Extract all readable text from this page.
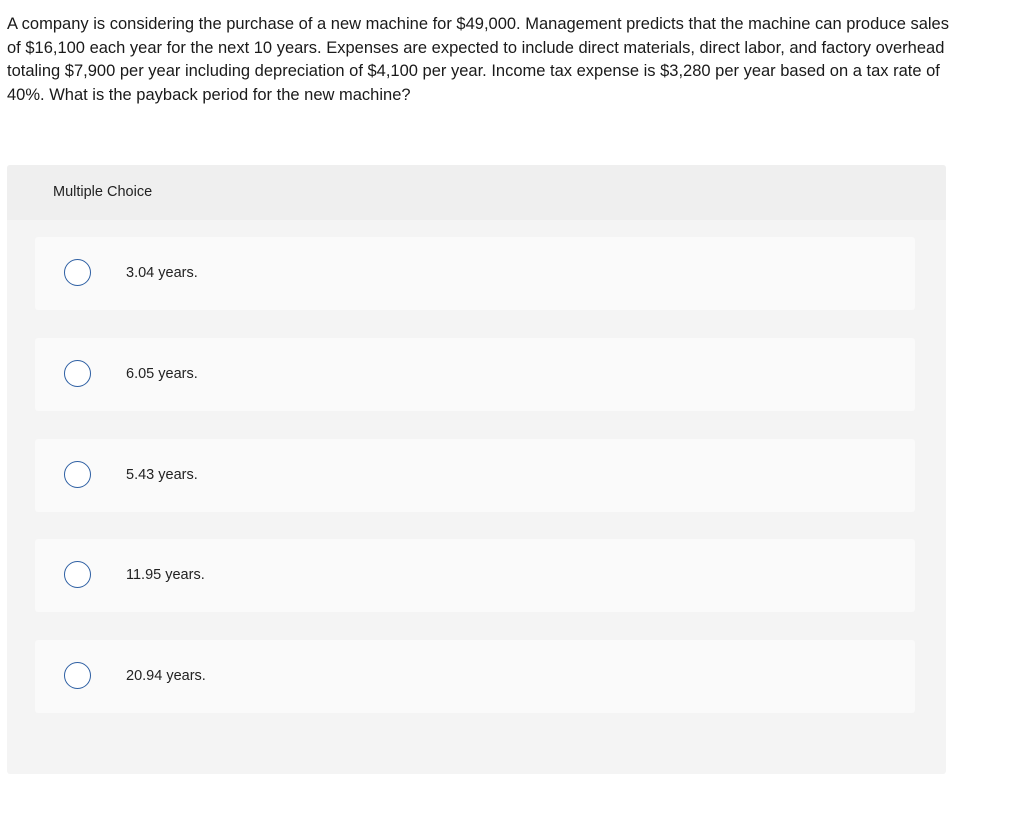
A company is considering the purchase of a new machine for $49,000. Management predicts that the machine can produce sales of $16,100 each year for the next 10 years. Expenses are expected to include direct materials, direct labor, and factory overhead totaling $7,900 per year including depreciation of $4,100 per year. Income tax expense is $3,280 per year based on a tax rate of 40%. What is the payback period for the new machine?

Multiple Choice
3.04 years.
6.05 years.
5.43 years.
11.95 years.
20.94 years.
